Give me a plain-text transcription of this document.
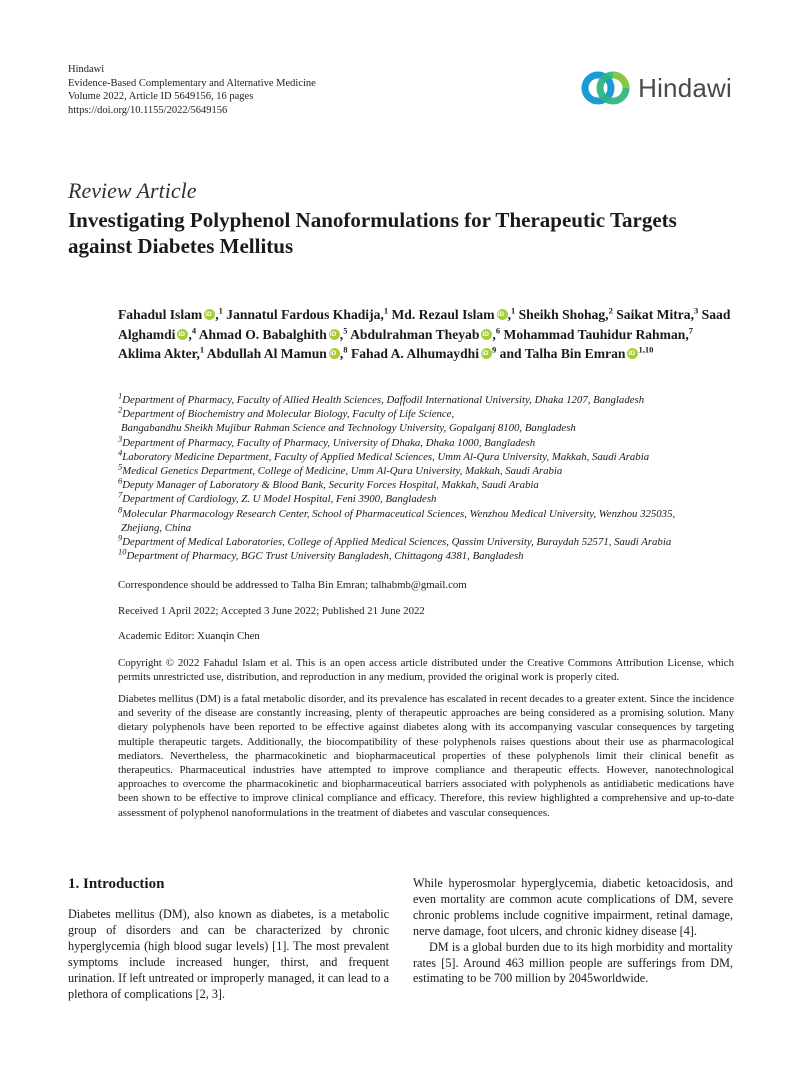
Hindawi
Evidence-Based Complementary and Alternative Medicine
Volume 2022, Article ID 5649156, 16 pages
https://doi.org/10.1155/2022/5649156
Hindawi
Review Article
Investigating Polyphenol Nanoformulations for Therapeutic Targets against Diabetes Mellitus
Fahadul Islam iD ,$^1$ Jannatul Fardous Khadija,$^1$ Md. Rezaul Islam iD ,$^1$ Sheikh Shohag,$^2$ Saikat Mitra,$^3$ Saad Alghamdi iD ,$^4$ Ahmad O. Babalghith iD ,$^5$ Abdulrahman TheyabiD ,$^6$ Mohammad Tauhidur Rahman,$^7$ Aklima Akter,$^1$ Abdullah Al Mamun iD ,$^8$ Fahad A. Alhumaydhi iD $^9$ and Talha Bin Emran iD $^{1,10}$
$^1$Department of Pharmacy, Faculty of Allied Health Sciences, Daffodil International University, Dhaka 1207, Bangladesh
$^2$Department of Biochemistry and Molecular Biology, Faculty of Life Science,
Bangabandhu Sheikh Mujibur Rahman Science and Technology University, Gopalganj 8100, Bangladesh
$^3$Department of Pharmacy, Faculty of Pharmacy, University of Dhaka, Dhaka 1000, Bangladesh
$^4$Laboratory Medicine Department, Faculty of Applied Medical Sciences, Umm Al-Qura University, Makkah, Saudi Arabia
$^5$Medical Genetics Department, College of Medicine, Umm Al-Qura University, Makkah, Saudi Arabia
$^6$Deputy Manager of Laboratory & Blood Bank, Security Forces Hospital, Makkah, Saudi Arabia
$^7$Department of Cardiology, Z. U Model Hospital, Feni 3900, Bangladesh
$^8$Molecular Pharmacology Research Center, School of Pharmaceutical Sciences, Wenzhou Medical University, Wenzhou 325035,
Zhejiang, China
$^9$Department of Medical Laboratories, College of Applied Medical Sciences, Qassim University, Buraydah 52571, Saudi Arabia
$^{10}$Department of Pharmacy, BGC Trust University Bangladesh, Chittagong 4381, Bangladesh
Correspondence should be addressed to Talha Bin Emran; talhabmb@gmail.com
Received 1 April 2022; Accepted 3 June 2022; Published 21 June 2022
Academic Editor: Xuanqin Chen
Copyright © 2022 Fahadul Islam et al. This is an open access article distributed under the Creative Commons Attribution License, which permits unrestricted use, distribution, and reproduction in any medium, provided the original work is properly cited.
Diabetes mellitus (DM) is a fatal metabolic disorder, and its prevalence has escalated in recent decades to a greater extent. Since the incidence and severity of the disease are constantly increasing, plenty of therapeutic approaches are being considered as a promising solution. Many dietary polyphenols have been reported to be effective against diabetes along with its accompanying vascular consequences by targeting multiple therapeutic targets. Additionally, the biocompatibility of these polyphenols raises questions about their use as pharmacological mediators. Nevertheless, the pharmacokinetic and biopharmaceutical properties of these polyphenols limit their clinical benefit as therapeutics. Pharmaceutical industries have attempted to improve compliance and therapeutic effects. However, nanotechnological approaches to overcome the pharmacokinetic and biopharmaceutical barriers associated with polyphenols as antidiabetic medications have been shown to be effective to improve clinical compliance and efficacy. Therefore, this review highlighted a comprehensive and up-to-date assessment of polyphenol nanoformulations in the treatment of diabetes and vascular consequences.
1. Introduction
Diabetes mellitus (DM), also known as diabetes, is a metabolic group of disorders and can be characterized by chronic hyperglycemia (high blood sugar levels) [1]. The most prevalent symptoms include increased hunger, thirst, and frequent urination. If left untreated or improperly managed, it can lead to a plethora of complications [2, 3].

While hyperosmolar hyperglycemia, diabetic ketoacidosis, and even mortality are common acute complications of DM, severe chronic problems include cognitive impairment, retinal damage, nerve damage, foot ulcers, and chronic kidney disease [4].

DM is a global burden due to its high morbidity and mortality rates [5]. Around 463 million people are sufferings from DM, estimating to be 700 million by 2045worldwide.
